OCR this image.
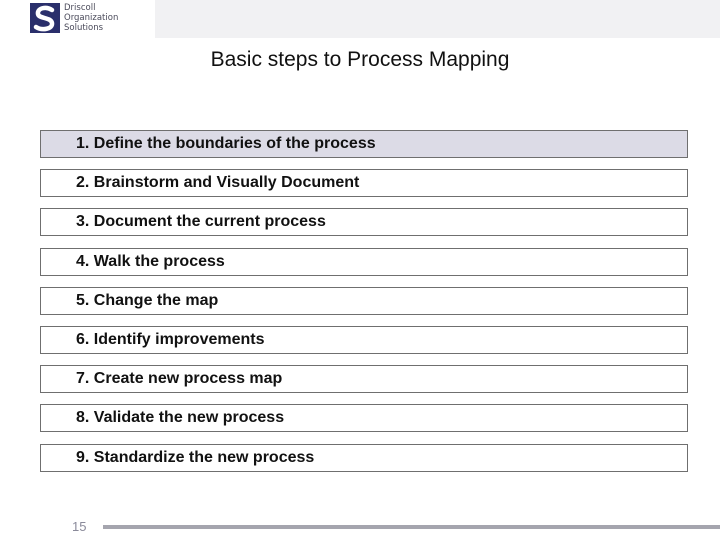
Driscoll
Organization
Solutions
Basic steps to Process Mapping
1. Define the boundaries of the process
2. Brainstorm and Visually Document
3. Document the current process
4. Walk the process
5. Change the map
6. Identify improvements
7. Create new process map
8. Validate the new process
9. Standardize the new process
15
